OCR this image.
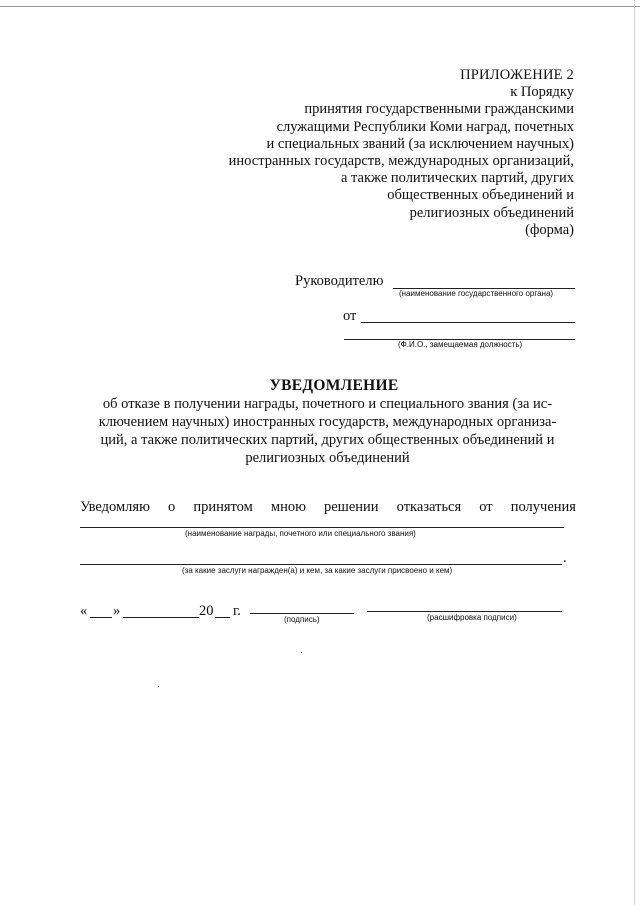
ПРИЛОЖЕНИЕ 2
к Порядку
принятия государственными гражданскими
служащими Республики Коми наград, почетных
и специальных званий (за исключением научных)
иностранных государств, международных организаций,
а также политических партий, других
общественных объединений и
религиозных объединений
(форма)
Руководителю
(наименование государственного органа)
от
(Ф.И.О., замещаемая должность)
УВЕДОМЛЕНИЕ
об отказе в получении награды, почетного и специального звания (за ис-
ключением научных) иностранных государств, международных организа-
ций, а также политических партий, других общественных объединений и
религиозных объединений
Уведомляю о принятом мною решении отказаться от получения
(наименование награды, почетного или специального звания)
.
(за какие заслуги награжден(а) и кем, за какие заслуги присвоено и кем)
« »	20 г.
(подпись)	(расшифровка подписи)
